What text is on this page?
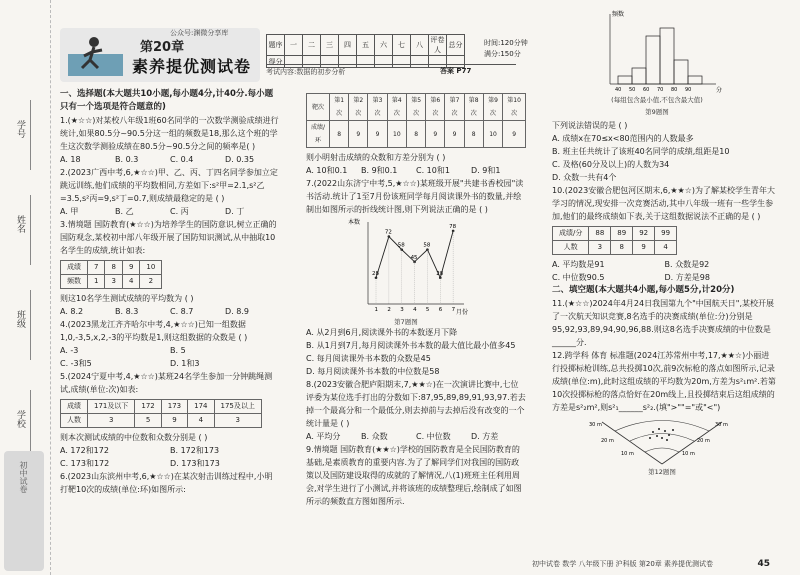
学号
姓名
班级
学校
初中试卷
公众号:渊微分享库
第20章
素养提优测试卷
题序	一	二	三	四	五	六	七	八	评卷人	总分
得分										
时间:120分钟
满分:150分
考试内容:数据的初步分析	答案 P77

一、选择题(本大题共10小题,每小题4分,计40分.每小题只有一个选项是符合题意的)

1.(★☆☆)对某校八年级1班60名同学的一次数学测验成绩进行统计,如果80.5分~90.5分这一组的频数是18,那么这个班的学生这次数学测验成绩在80.5分~90.5分之间的频率是( )

A. 18	B. 0.3	C. 0.4	D. 0.35

2.(2023广西中考,6,★☆☆)甲、乙、丙、丁四名同学参加立定跳远训练,他们成绩的平均数相同,方差如下:s²甲=2.1,s²乙=3.5,s²丙=9,s²丁=0.7,则成绩最稳定的是 ( )

A. 甲	B. 乙	C. 丙	D. 丁

3.情境题 国防教育(★☆☆)为培养学生的国防意识,树立正确的国防观念,某校初中部八年级开展了国防知识测试,从中抽取10名学生的成绩,统计如表:

成绩	7	8	9	10
频数	1	3	4	2

则这10名学生测试成绩的平均数为 ( )

A. 8.2	B. 8.3	C. 8.7	D. 8.9

4.(2023黑龙江齐齐哈尔中考,4,★☆☆)已知一组数据1,0,-3,5,x,2,-3的平均数是1,则这组数据的众数是 ( )

A. -3	B. 5
C. -3和5	D. 1和3

5.(2024宁夏中考,4,★☆☆)某班24名学生参加一分钟跳绳测试,成绩(单位:次)如表:

成绩	171及以下	172	173	174	175及以上
人数	3	5	9	4	3

则本次测试成绩的中位数和众数分别是 ( )

A. 172和172	B. 172和173
C. 173和172	D. 173和173

6.(2023山东滨州中考,6,★☆☆)在某次射击训练过程中,小明打靶10次的成绩(单位:环)如图所示:

靶次	第1次	第2次	第3次	第4次	第5次	第6次	第7次	第8次	第9次	第10次
成绩/环	8	9	9	10	8	9	9	8	10	9

则小明射击成绩的众数和方差分别为 ( )

A. 10和0.1	B. 9和0.1	C. 10和1	D. 9和1

7.(2022山东济宁中考,5,★☆☆)某班级开展"共建书香校园"读书活动.统计了1至7月份该班同学每月阅读课外书的数量,并绘制出如图所示的折线统计图,则下列说法正确的是 ( )

本数
月份
28
1
72
2
58
3
45
4
58
5
28
6
78
7
第7题图

A. 从2月到6月,阅读课外书的本数逐月下降

B. 从1月到7月,每月阅读课外书本数的最大值比最小值多45

C. 每月阅读课外书本数的众数是45

D. 每月阅读课外书本数的中位数是58

8.(2023安徽合肥庐阳期末,7,★★☆)在一次演讲比赛中,七位评委为某位选手打出的分数如下:87,95,89,89,91,93,97.若去掉一个最高分和一个最低分,则去掉前与去掉后没有改变的一个统计量是 ( )

A. 平均分	B. 众数	C. 中位数	D. 方差

9.情境题 国防教育(★★☆)学校的国防教育是全民国防教育的基础,是素质教育的重要内容.为了了解同学们对我国的国防政策以及国防建设取得的成就的了解情况,八(1)班班主任利用周会,对学生进行了小测试,并将该班的成绩整理后,绘制成了如图所示的频数直方图如图所示.

频数
分
40 50 60 70 80 90
(每组包含最小值,不包含最大值)
第9题图

下列说法错误的是 ( )

A. 成绩x在70≤x<80范围内的人数最多

B. 班主任共统计了该班40名同学的成绩,组距是10

C. 及格(60分及以上)的人数为34

D. 众数一共有4个

10.(2023安徽合肥包河区期末,6,★★☆)为了解某校学生青年大学习的情况,现安排一次竞赛活动,其中八年级一班有一些学生参加,他们的最终成绩如下表,关于这组数据说法不正确的是 ( )

成绩/分	88	89	92	99
人数	3	8	9	4
A. 平均数是91	B. 众数是92
C. 中位数90.5	D. 方差是98

二、填空题(本大题共4小题,每小题5分,计20分)

11.(★☆☆)2024年4月24日我国第九个"中国航天日",某校开展了一次航天知识竞赛,8名选手的决赛成绩(单位:分)分别是95,92,93,89,94,90,96,88.则这8名选手决赛成绩的中位数是______分.

12.跨学科 体育 标准题(2024江苏常州中考,17,★★☆)小丽进行投掷标枪训练,总共投掷10次,前9次标枪的落点如图所示,记录成绩(单位:m),此时这组成绩的平均数为20m,方差为s²₁m².若第10次投掷标枪的落点恰好在20m线上,且投掷结束后这组成绩的方差是s²₂m²,则s²₁______s²₂.(填">""="或"<")

30 m
20 m
10 m
30 m
20 m
10 m
第12题图
初中试卷 数学 八年级下册 沪科版 第20章 素养提优测试卷	45
